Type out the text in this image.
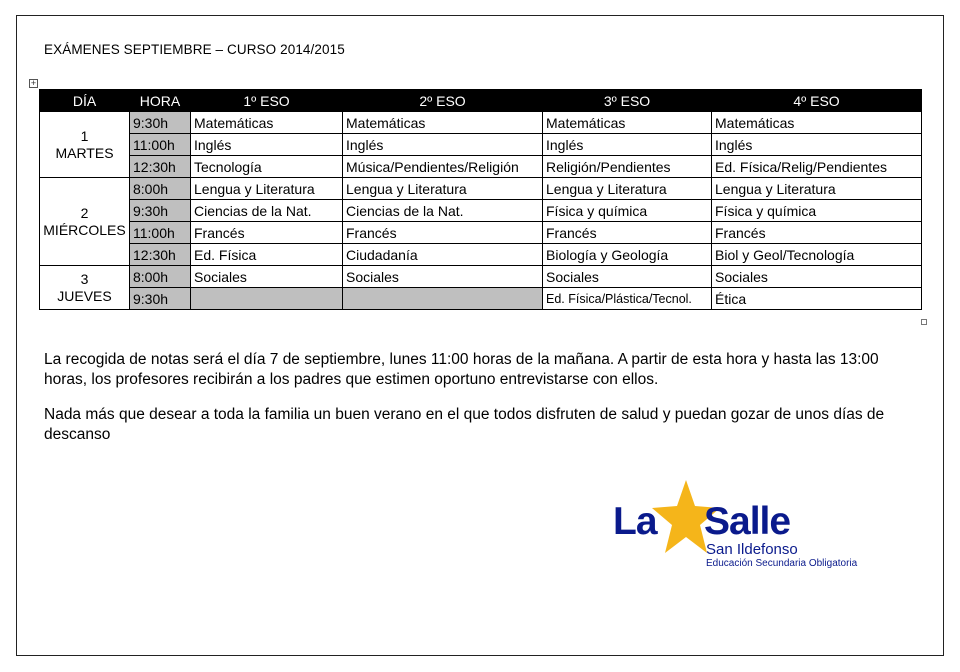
EXÁMENES SEPTIEMBRE – CURSO 2014/2015
+
DÍA	HORA	1º ESO	2º ESO	3º ESO	4º ESO

1
MARTES	9:30h	Matemáticas	Matemáticas	Matemáticas	Matemáticas
	11:00h	Inglés	Inglés	Inglés	Inglés
	12:30h	Tecnología	Música/Pendientes/Religión	Religión/Pendientes	Ed. Física/Relig/Pendientes

2
MIÉRCOLES	8:00h	Lengua y Literatura	Lengua y Literatura	Lengua y Literatura	Lengua y Literatura
	9:30h	Ciencias de la Nat.	Ciencias de la Nat.	Física y química	Física y química
	11:00h	Francés	Francés	Francés	Francés
	12:30h	Ed. Física	Ciudadanía	Biología y Geología	Biol y Geol/Tecnología

3
JUEVES	8:00h	Sociales	Sociales	Sociales	Sociales
	9:30h			Ed. Física/Plástica/Tecnol.	Ética
La recogida de notas será el día 7 de septiembre, lunes 11:00 horas de la mañana. A partir de esta hora y hasta las 13:00 horas, los profesores recibirán a los padres que estimen oportuno entrevistarse con ellos.
Nada más que desear a toda la familia un buen verano en el que todos disfruten de salud y puedan gozar de unos días de descanso
La Salle
San Ildefonso
Educación Secundaria Obligatoria
